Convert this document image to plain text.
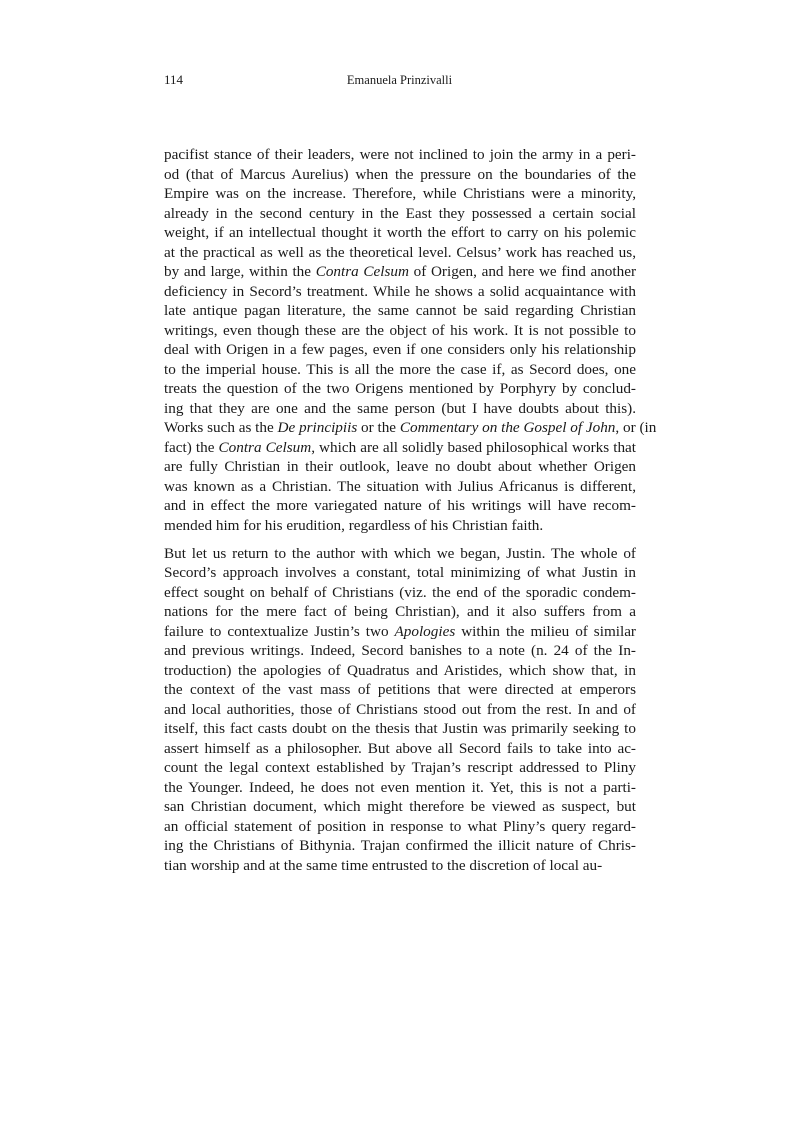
114	Emanuela Prinzivalli
pacifist stance of their leaders, were not inclined to join the army in a peri-
od (that of Marcus Aurelius) when the pressure on the boundaries of the
Empire was on the increase. Therefore, while Christians were a minority,
already in the second century in the East they possessed a certain social
weight, if an intellectual thought it worth the effort to carry on his polemic
at the practical as well as the theoretical level. Celsus’ work has reached us,
by and large, within the Contra Celsum of Origen, and here we find another
deficiency in Secord’s treatment. While he shows a solid acquaintance with
late antique pagan literature, the same cannot be said regarding Christian
writings, even though these are the object of his work. It is not possible to
deal with Origen in a few pages, even if one considers only his relationship
to the imperial house. This is all the more the case if, as Secord does, one
treats the question of the two Origens mentioned by Porphyry by conclud-
ing that they are one and the same person (but I have doubts about this).
Works such as the De principiis or the Commentary on the Gospel of John, or (in
fact) the Contra Celsum, which are all solidly based philosophical works that
are fully Christian in their outlook, leave no doubt about whether Origen
was known as a Christian. The situation with Julius Africanus is different,
and in effect the more variegated nature of his writings will have recom-
mended him for his erudition, regardless of his Christian faith.
But let us return to the author with which we began, Justin. The whole of
Secord’s approach involves a constant, total minimizing of what Justin in
effect sought on behalf of Christians (viz. the end of the sporadic condem-
nations for the mere fact of being Christian), and it also suffers from a
failure to contextualize Justin’s two Apologies within the milieu of similar
and previous writings. Indeed, Secord banishes to a note (n. 24 of the In-
troduction) the apologies of Quadratus and Aristides, which show that, in
the context of the vast mass of petitions that were directed at emperors
and local authorities, those of Christians stood out from the rest. In and of
itself, this fact casts doubt on the thesis that Justin was primarily seeking to
assert himself as a philosopher. But above all Secord fails to take into ac-
count the legal context established by Trajan’s rescript addressed to Pliny
the Younger. Indeed, he does not even mention it. Yet, this is not a parti-
san Christian document, which might therefore be viewed as suspect, but
an official statement of position in response to what Pliny’s query regard-
ing the Christians of Bithynia. Trajan confirmed the illicit nature of Chris-
tian worship and at the same time entrusted to the discretion of local au-
